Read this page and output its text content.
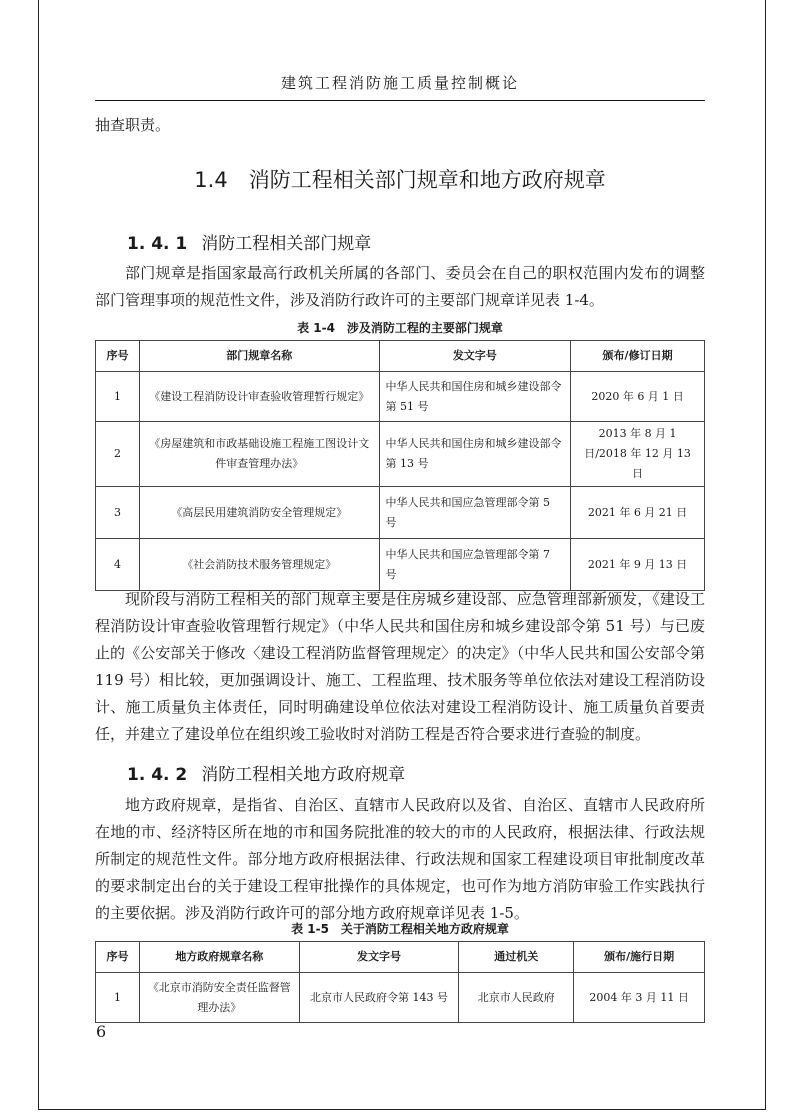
建筑工程消防施工质量控制概论

抽查职责。

1.4　消防工程相关部门规章和地方政府规章
1. 4. 1 消防工程相关部门规章

部门规章是指国家最高行政机关所属的各部门、委员会在自己的职权范围内发布的调整部门管理事项的规范性文件，涉及消防行政许可的主要部门规章详见表 1-4。

表 1-4　涉及消防工程的主要部门规章
序号	部门规章名称	发文字号	颁布/修订日期
1	《建设工程消防设计审查验收管理暂行规定》	中华人民共和国住房和城乡建设部令第 51 号	2020 年 6 月 1 日
2	《房屋建筑和市政基础设施工程施工图设计文件审查管理办法》	中华人民共和国住房和城乡建设部令第 13 号	2013 年 8 月 1 日/2018 年 12 月 13 日
3	《高层民用建筑消防安全管理规定》	中华人民共和国应急管理部令第 5 号	2021 年 6 月 21 日
4	《社会消防技术服务管理规定》	中华人民共和国应急管理部令第 7 号	2021 年 9 月 13 日

现阶段与消防工程相关的部门规章主要是住房城乡建设部、应急管理部新颁发，《建设工程消防设计审查验收管理暂行规定》（中华人民共和国住房和城乡建设部令第 51 号）与已废止的《公安部关于修改〈建设工程消防监督管理规定〉的决定》（中华人民共和国公安部令第 119 号）相比较，更加强调设计、施工、工程监理、技术服务等单位依法对建设工程消防设计、施工质量负主体责任，同时明确建设单位依法对建设工程消防设计、施工质量负首要责任，并建立了建设单位在组织竣工验收时对消防工程是否符合要求进行查验的制度。

1. 4. 2 消防工程相关地方政府规章

地方政府规章，是指省、自治区、直辖市人民政府以及省、自治区、直辖市人民政府所在地的市、经济特区所在地的市和国务院批准的较大的市的人民政府，根据法律、行政法规所制定的规范性文件。部分地方政府根据法律、行政法规和国家工程建设项目审批制度改革的要求制定出台的关于建设工程审批操作的具体规定，也可作为地方消防审验工作实践执行的主要依据。涉及消防行政许可的部分地方政府规章详见表 1-5。

表 1-5　关于消防工程相关地方政府规章
序号	地方政府规章名称	发文字号	通过机关	颁布/施行日期
1	《北京市消防安全责任监督管理办法》	北京市人民政府令第 143 号	北京市人民政府	2004 年 3 月 11 日
6
